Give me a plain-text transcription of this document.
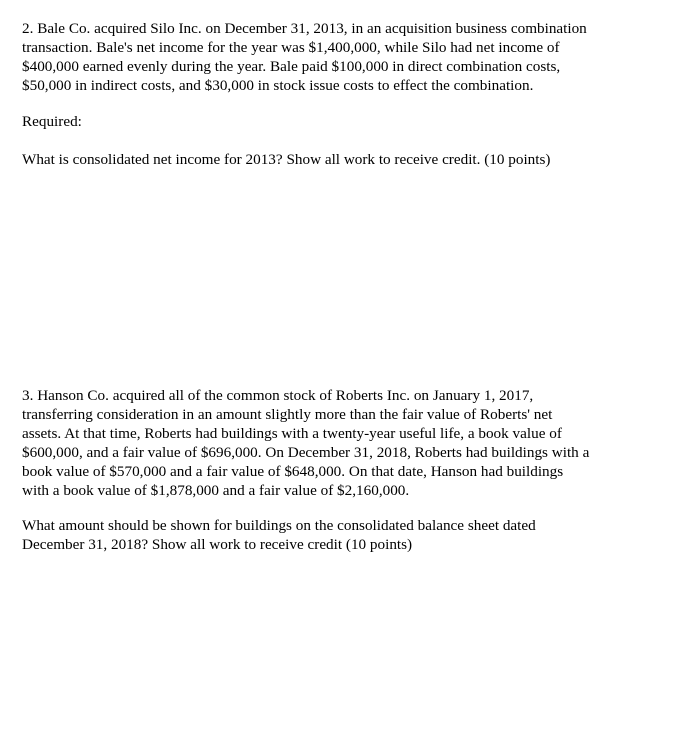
2. Bale Co. acquired Silo Inc. on December 31, 2013, in an acquisition business combination
transaction. Bale's net income for the year was $1,400,000, while Silo had net income of
$400,000 earned evenly during the year. Bale paid $100,000 in direct combination costs,
$50,000 in indirect costs, and $30,000 in stock issue costs to effect the combination.
Required:
What is consolidated net income for 2013? Show all work to receive credit. (10 points)
3. Hanson Co. acquired all of the common stock of Roberts Inc. on January 1, 2017,
transferring consideration in an amount slightly more than the fair value of Roberts' net
assets. At that time, Roberts had buildings with a twenty-year useful life, a book value of
$600,000, and a fair value of $696,000. On December 31, 2018, Roberts had buildings with a
book value of $570,000 and a fair value of $648,000. On that date, Hanson had buildings
with a book value of $1,878,000 and a fair value of $2,160,000.
What amount should be shown for buildings on the consolidated balance sheet dated
December 31, 2018? Show all work to receive credit (10 points)
